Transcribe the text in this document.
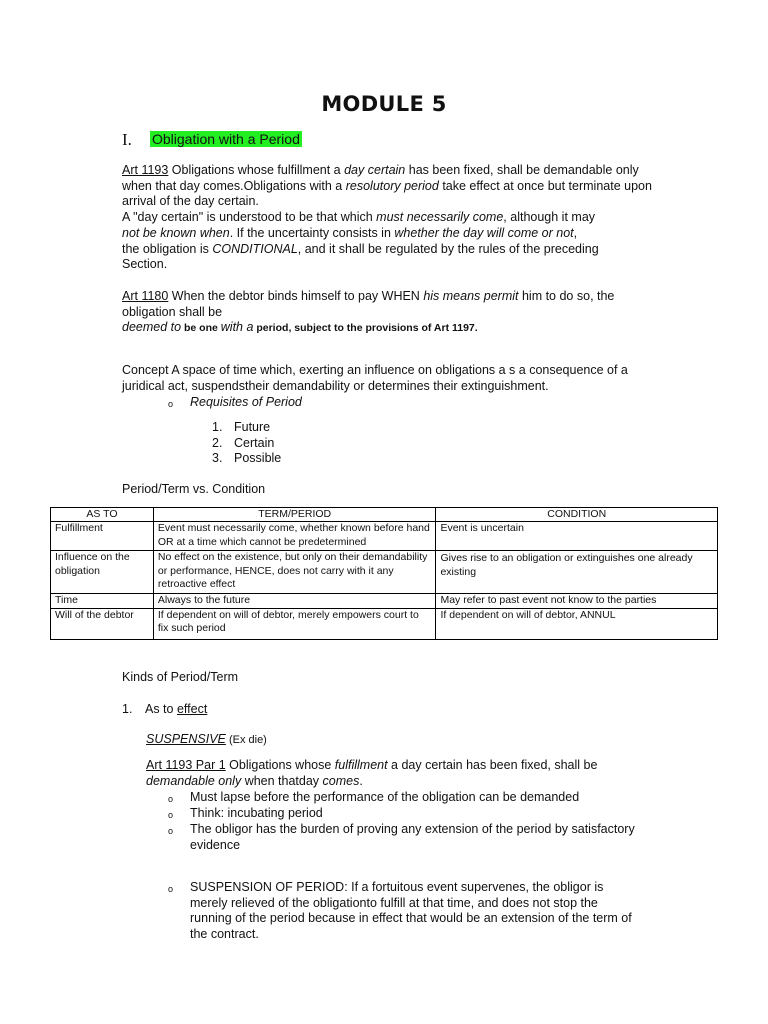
MODULE 5
I. Obligation with a Period
Art 1193 Obligations whose fulfillment a day certain has been fixed, shall be demandable only
when that day comes.Obligations with a resolutory period take effect at once but terminate upon
arrival of the day certain.
A "day certain" is understood to be that which must necessarily come, although it may
not be known when. If the uncertainty consists in whether the day will come or not,
the obligation is CONDITIONAL, and it shall be regulated by the rules of the preceding
Section.
Art 1180 When the debtor binds himself to pay WHEN his means permit him to do so, the
obligation shall be
deemed to be one with a period, subject to the provisions of Art 1197.
Concept A space of time which, exerting an influence on obligations a s a consequence of a
juridical act, suspendstheir demandability or determines their extinguishment.
o Requisites of Period
1. Future
2. Certain
3. Possible
Period/Term vs. Condition
AS TO	TERM/PERIOD	CONDITION
Fulfillment	Event must necessarily come, whether known before hand OR at a time which cannot be predetermined	Event is uncertain
Influence on the obligation	No effect on the existence, but only on their demandability or performance, HENCE, does not carry with it any retroactive effect	Gives rise to an obligation or extinguishes one already existing
Time	Always to the future	May refer to past event not know to the parties
Will of the debtor	If dependent on will of debtor, merely empowers court to fix such period	If dependent on will of debtor, ANNUL
Kinds of Period/Term
1. As to effect
SUSPENSIVE (Ex die)
Art 1193 Par 1 Obligations whose fulfillment a day certain has been fixed, shall be
demandable only when thatday comes.
o Must lapse before the performance of the obligation can be demanded
o Think: incubating period
o The obligor has the burden of proving any extension of the period by satisfactory evidence
o SUSPENSION OF PERIOD: If a fortuitous event supervenes, the obligor is merely relieved of the obligationto fulfill at that time, and does not stop the running of the period because in effect that would be an extension of the term of the contract.
